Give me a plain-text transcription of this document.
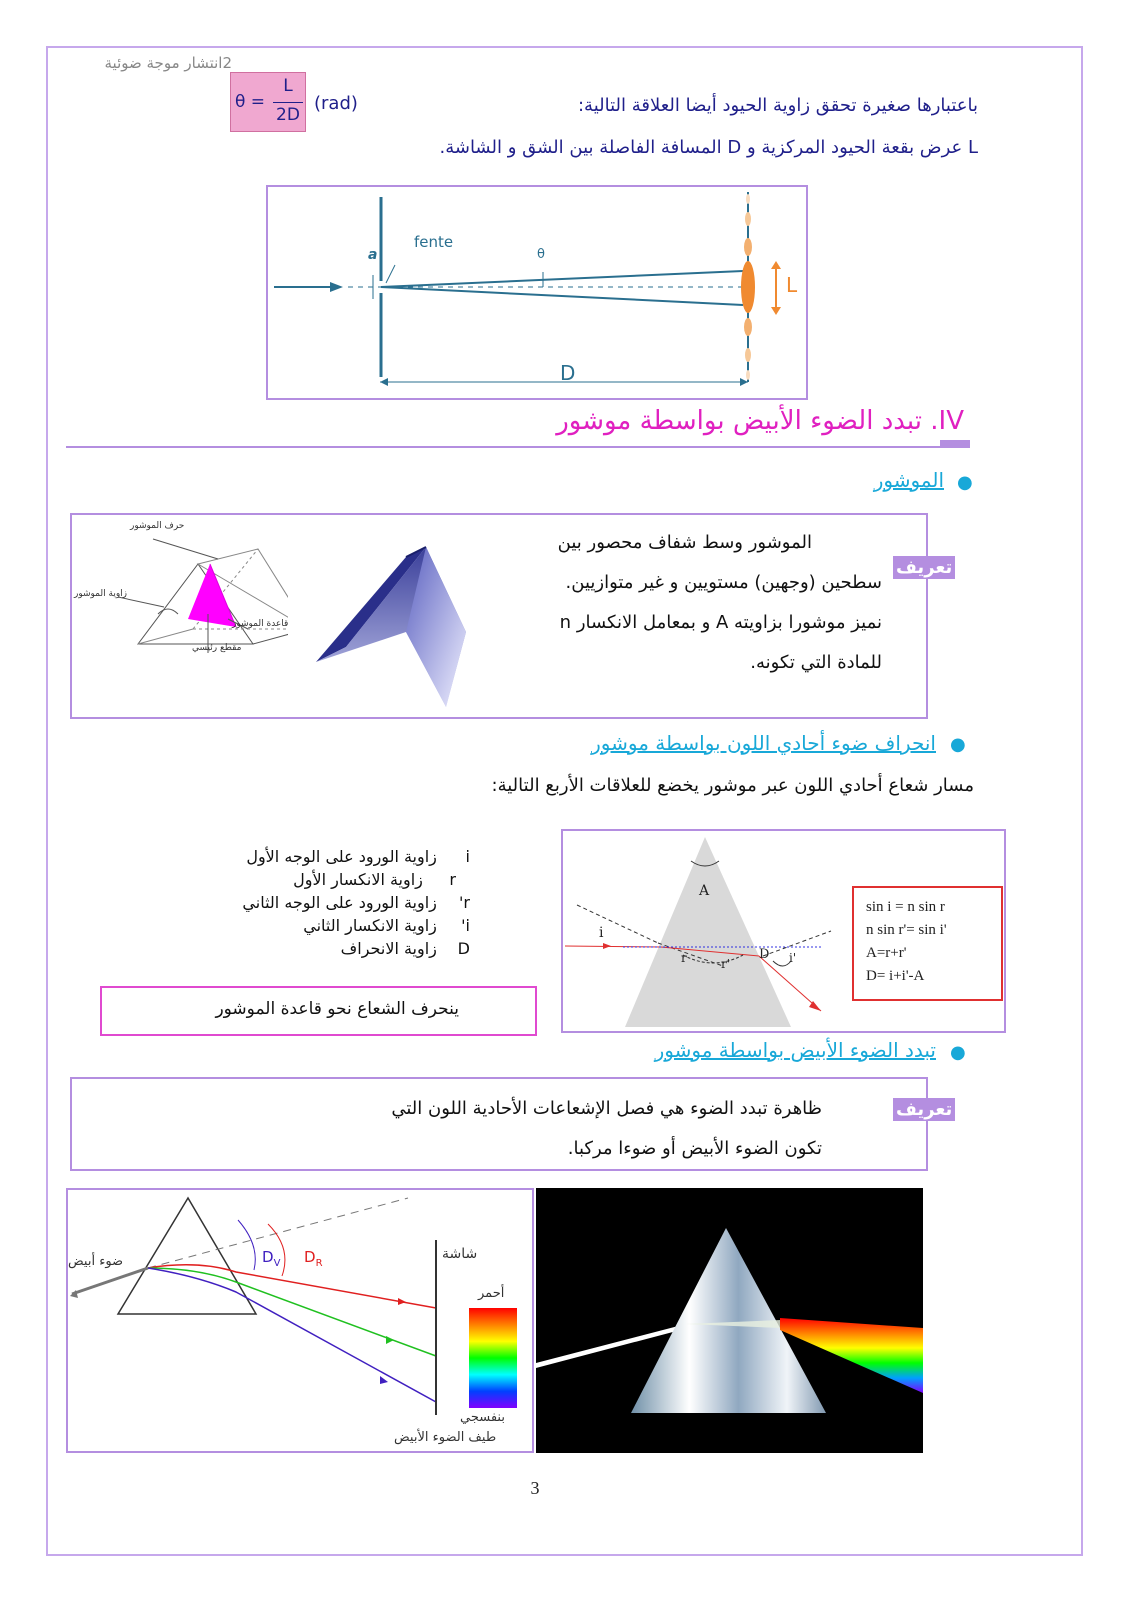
2انتشار موجة ضوئية
θ =
L
2D
(rad)	باعتبارها صغيرة تحقق زاوية الحيود أيضا العلاقة التالية:
L عرض بقعة الحيود المركزية و D المسافة الفاصلة بين الشق و الشاشة.
fente
a	θ
L
D
IV. تبدد الضوء الأبيض بواسطة موشور
●
الموشور
حرف الموشور
زاوية الموشور
قاعدة الموشور
مقطع رئيسي
الموشور وسط شفاف محصور بين
سطحين (وجهين) مستويين و غير متوازيين.
نميز موشورا بزاويته A و بمعامل الانكسار n
للمادة التي تكونه.
تعريف
●
انحراف ضوء أحادي اللون بواسطة موشور
مسار شعاع أحادي اللون عبر موشور يخضع للعلاقات الأربع التالية:
i زاوية الورود على الوجه الأول
r زاوية الانكسار الأول
r' زاوية الورود على الوجه الثاني
i' زاوية الانكسار الثاني
D زاوية الانحراف
ينحرف الشعاع نحو قاعدة الموشور
A
i
r	r'
D i'
sin i = n sin r
n sin r'= sin i'
A=r+r'
D= i+i'-A
●
تبدد الضوء الأبيض بواسطة موشور
ظاهرة تبدد الضوء هي فصل الإشعاعات الأحادية اللون التي
تكون الضوء الأبيض أو ضوءا مركبا.
تعريف
ضوء أبيض	شاشة
أحمر
بنفسجي
طيف الضوء الأبيض
$D_V$ $D_R$
3
